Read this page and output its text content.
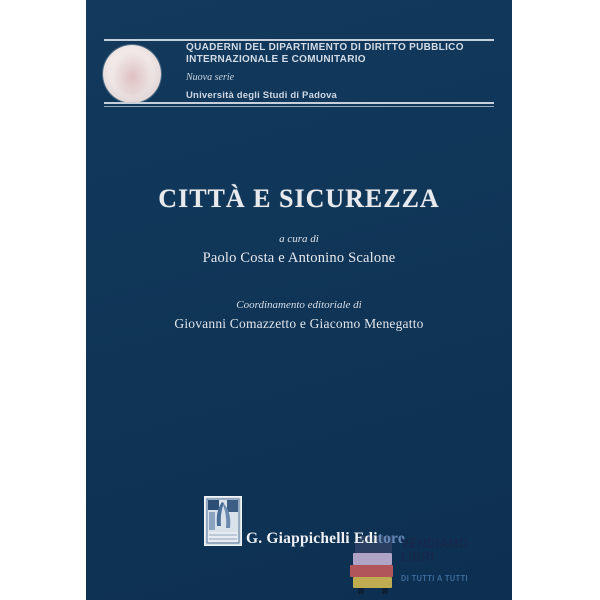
QUADERNI DEL DIPARTIMENTO DI DIRITTO PUBBLICO
INTERNAZIONALE E COMUNITARIO
Nuova serie
Università degli Studi di Padova
CITTÀ E SICUREZZA
a cura di
Paolo Costa e Antonino Scalone
Coordinamento editoriale di
Giovanni Comazzetto e Giacomo Menegatto
G. Giappichelli Editore
VENDIAMO
LIBRI
DI TUTTI A TUTTI
